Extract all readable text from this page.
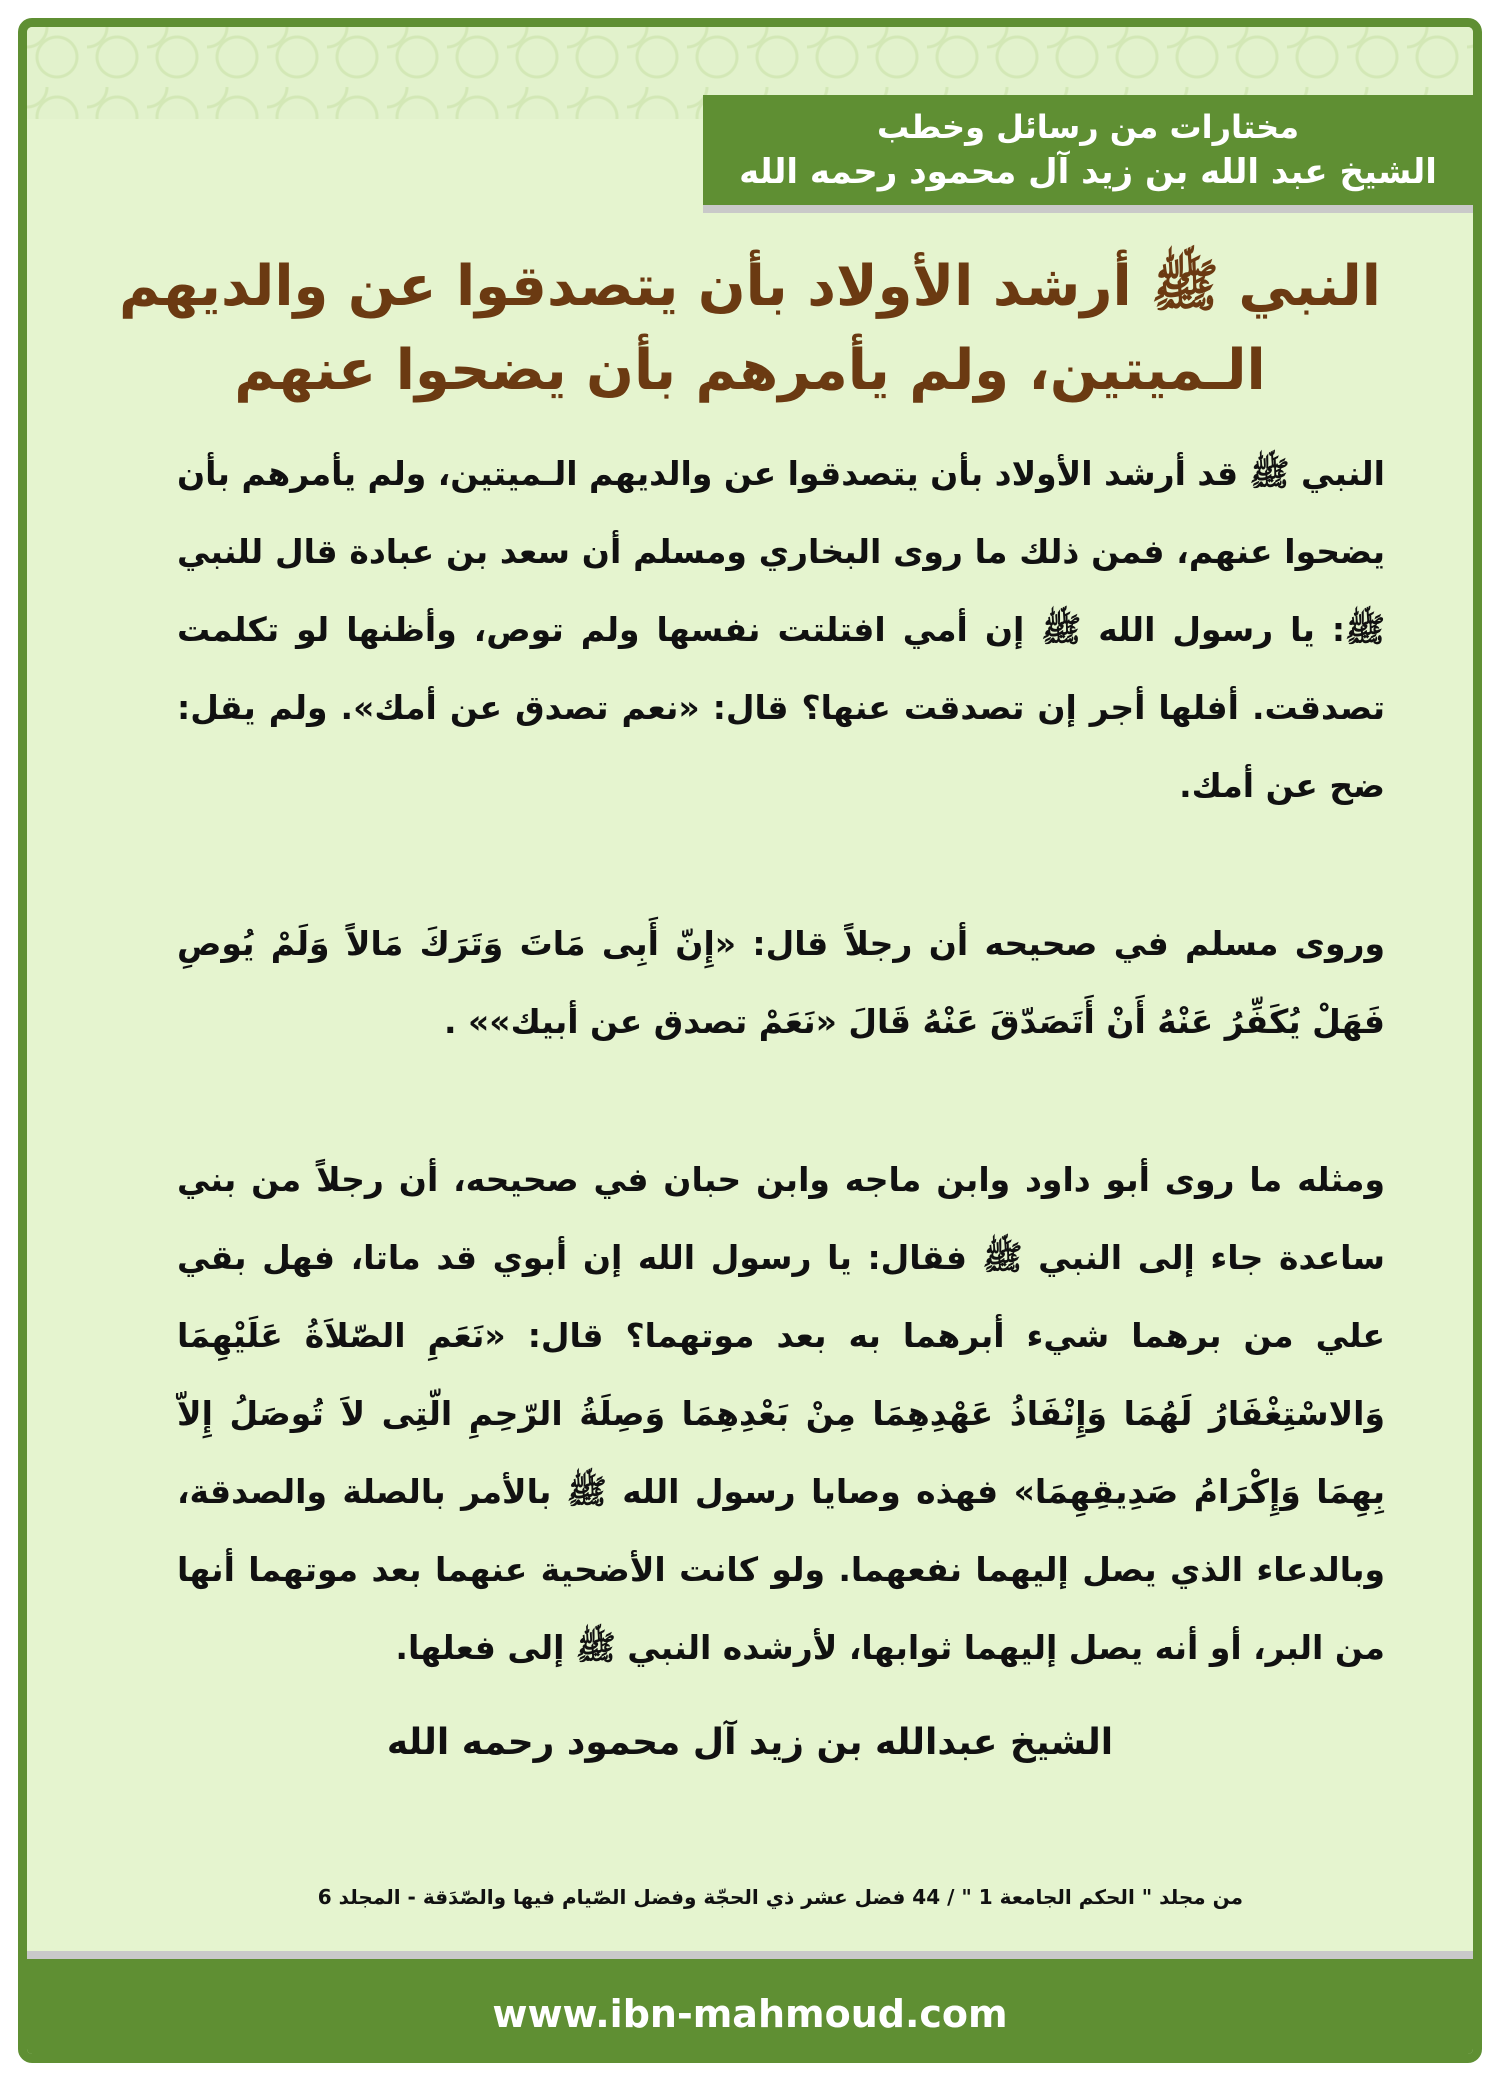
مختارات من رسائل وخطب
الشيخ عبد الله بن زيد آل محمود رحمه الله
النبي ﷺ أرشد الأولاد بأن يتصدقوا عن والديهم
الـميتين، ولم يأمرهم بأن يضحوا عنهم

النبي ﷺ قد أرشد الأولاد بأن يتصدقوا عن والديهم الـميتين، ولم يأمرهم بأن يضحوا عنهم، فمن ذلك ما روى البخاري ومسلم أن سعد بن عبادة قال للنبي ﷺ: يا رسول الله ﷺ إن أمي افتلتت نفسها ولم توص، وأظنها لو تكلمت تصدقت. أفلها أجر إن تصدقت عنها؟ قال: «نعم تصدق عن أمك». ولم يقل: ضح عن أمك.

وروى مسلم في صحيحه أن رجلاً قال: «إِنّ أَبِى مَاتَ وَتَرَكَ مَالاً وَلَمْ يُوصِ فَهَلْ يُكَفِّرُ عَنْهُ أَنْ أَتَصَدّقَ عَنْهُ قَالَ «نَعَمْ تصدق عن أبيك»» .

ومثله ما روى أبو داود وابن ماجه وابن حبان في صحيحه، أن رجلاً من بني ساعدة جاء إلى النبي ﷺ فقال: يا رسول الله إن أبوي قد ماتا، فهل بقي علي من برهما شيء أبرهما به بعد موتهما؟ قال: «نَعَمِ الصّلاَةُ عَلَيْهِمَا وَالاسْتِغْفَارُ لَهُمَا وَإِنْفَاذُ عَهْدِهِمَا مِنْ بَعْدِهِمَا وَصِلَةُ الرّحِمِ الّتِى لاَ تُوصَلُ إِلاّ بِهِمَا وَإِكْرَامُ صَدِيقِهِمَا» فهذه وصايا رسول الله ﷺ بالأمر بالصلة والصدقة، وبالدعاء الذي يصل إليهما نفعهما. ولو كانت الأضحية عنهما بعد موتهما أنها من البر، أو أنه يصل إليهما ثوابها، لأرشده النبي ﷺ إلى فعلها.

الشيخ عبدالله بن زيد آل محمود رحمه الله
من مجلد " الحكم الجامعة 1 " / 44 فضل عشر ذي الحجّة وفضل الصّيام فيها والصّدَقة - المجلد 6
www.ibn-mahmoud.com
